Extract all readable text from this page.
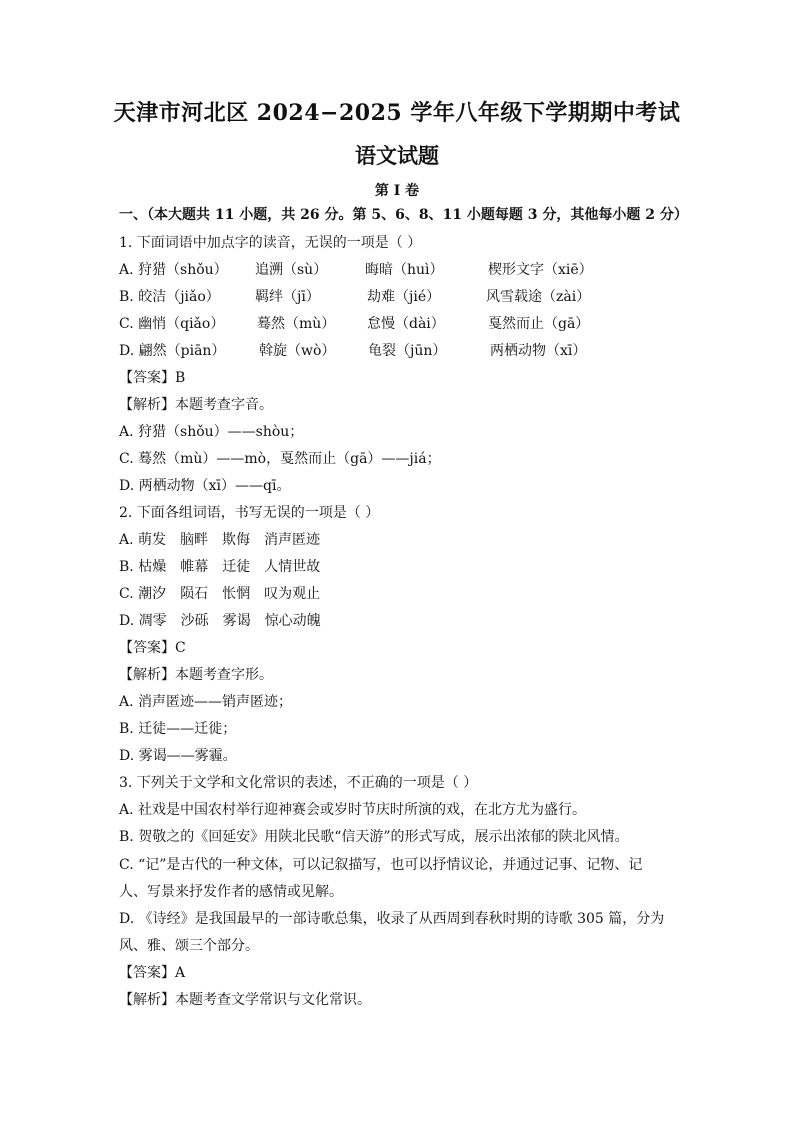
天津市河北区 2024−2025 学年八年级下学期期中考试
语文试题
第 I 卷
一、（本大题共 11 小题，共 26 分。第 5、6、8、11 小题每题 3 分，其他每小题 2 分）
1. 下面词语中加点字的读音，无误的一项是（ ）
A. 狩猎（shǒu） 追溯（sù）	晦暗（huì）	楔形文字（xiē）
B. 皎洁（jiǎo）	羁绊（jī）	劫难（jié）	风雪载途（zài）
C. 幽悄（qiǎo） 蓦然（mù） 怠慢（dài）	戛然而止（gā）
D. 翩然（piān） 斡旋（wò） 龟裂（jūn）	两栖动物（xī）
【答案】B
【解析】本题考查字音。
A. 狩猎（shǒu）——shòu；
C. 蓦然（mù）——mò，戛然而止（gā）——jiá；
D. 两栖动物（xī）——qī。
2. 下面各组词语，书写无误的一项是（ ）
A. 萌发　脑畔　欺侮　消声匿迹
B. 枯燥　帷幕　迁徒　人情世故
C. 潮汐　陨石　怅惘　叹为观止
D. 凋零　沙砾　雾谒　惊心动魄
【答案】C
【解析】本题考查字形。
A. 消声匿迹——销声匿迹；
B. 迁徒——迁徙；
D. 雾谒——雾霾。
3. 下列关于文学和文化常识的表述，不正确的一项是（ ）
A. 社戏是中国农村举行迎神赛会或岁时节庆时所演的戏，在北方尤为盛行。
B. 贺敬之的《回延安》用陕北民歌“信天游”的形式写成，展示出浓郁的陕北风情。
C. “记”是古代的一种文体，可以记叙描写，也可以抒情议论，并通过记事、记物、记
人、写景来抒发作者的感情或见解。
D. 《诗经》是我国最早的一部诗歌总集，收录了从西周到春秋时期的诗歌 305 篇，分为
风、雅、颂三个部分。
【答案】A
【解析】本题考查文学常识与文化常识。
